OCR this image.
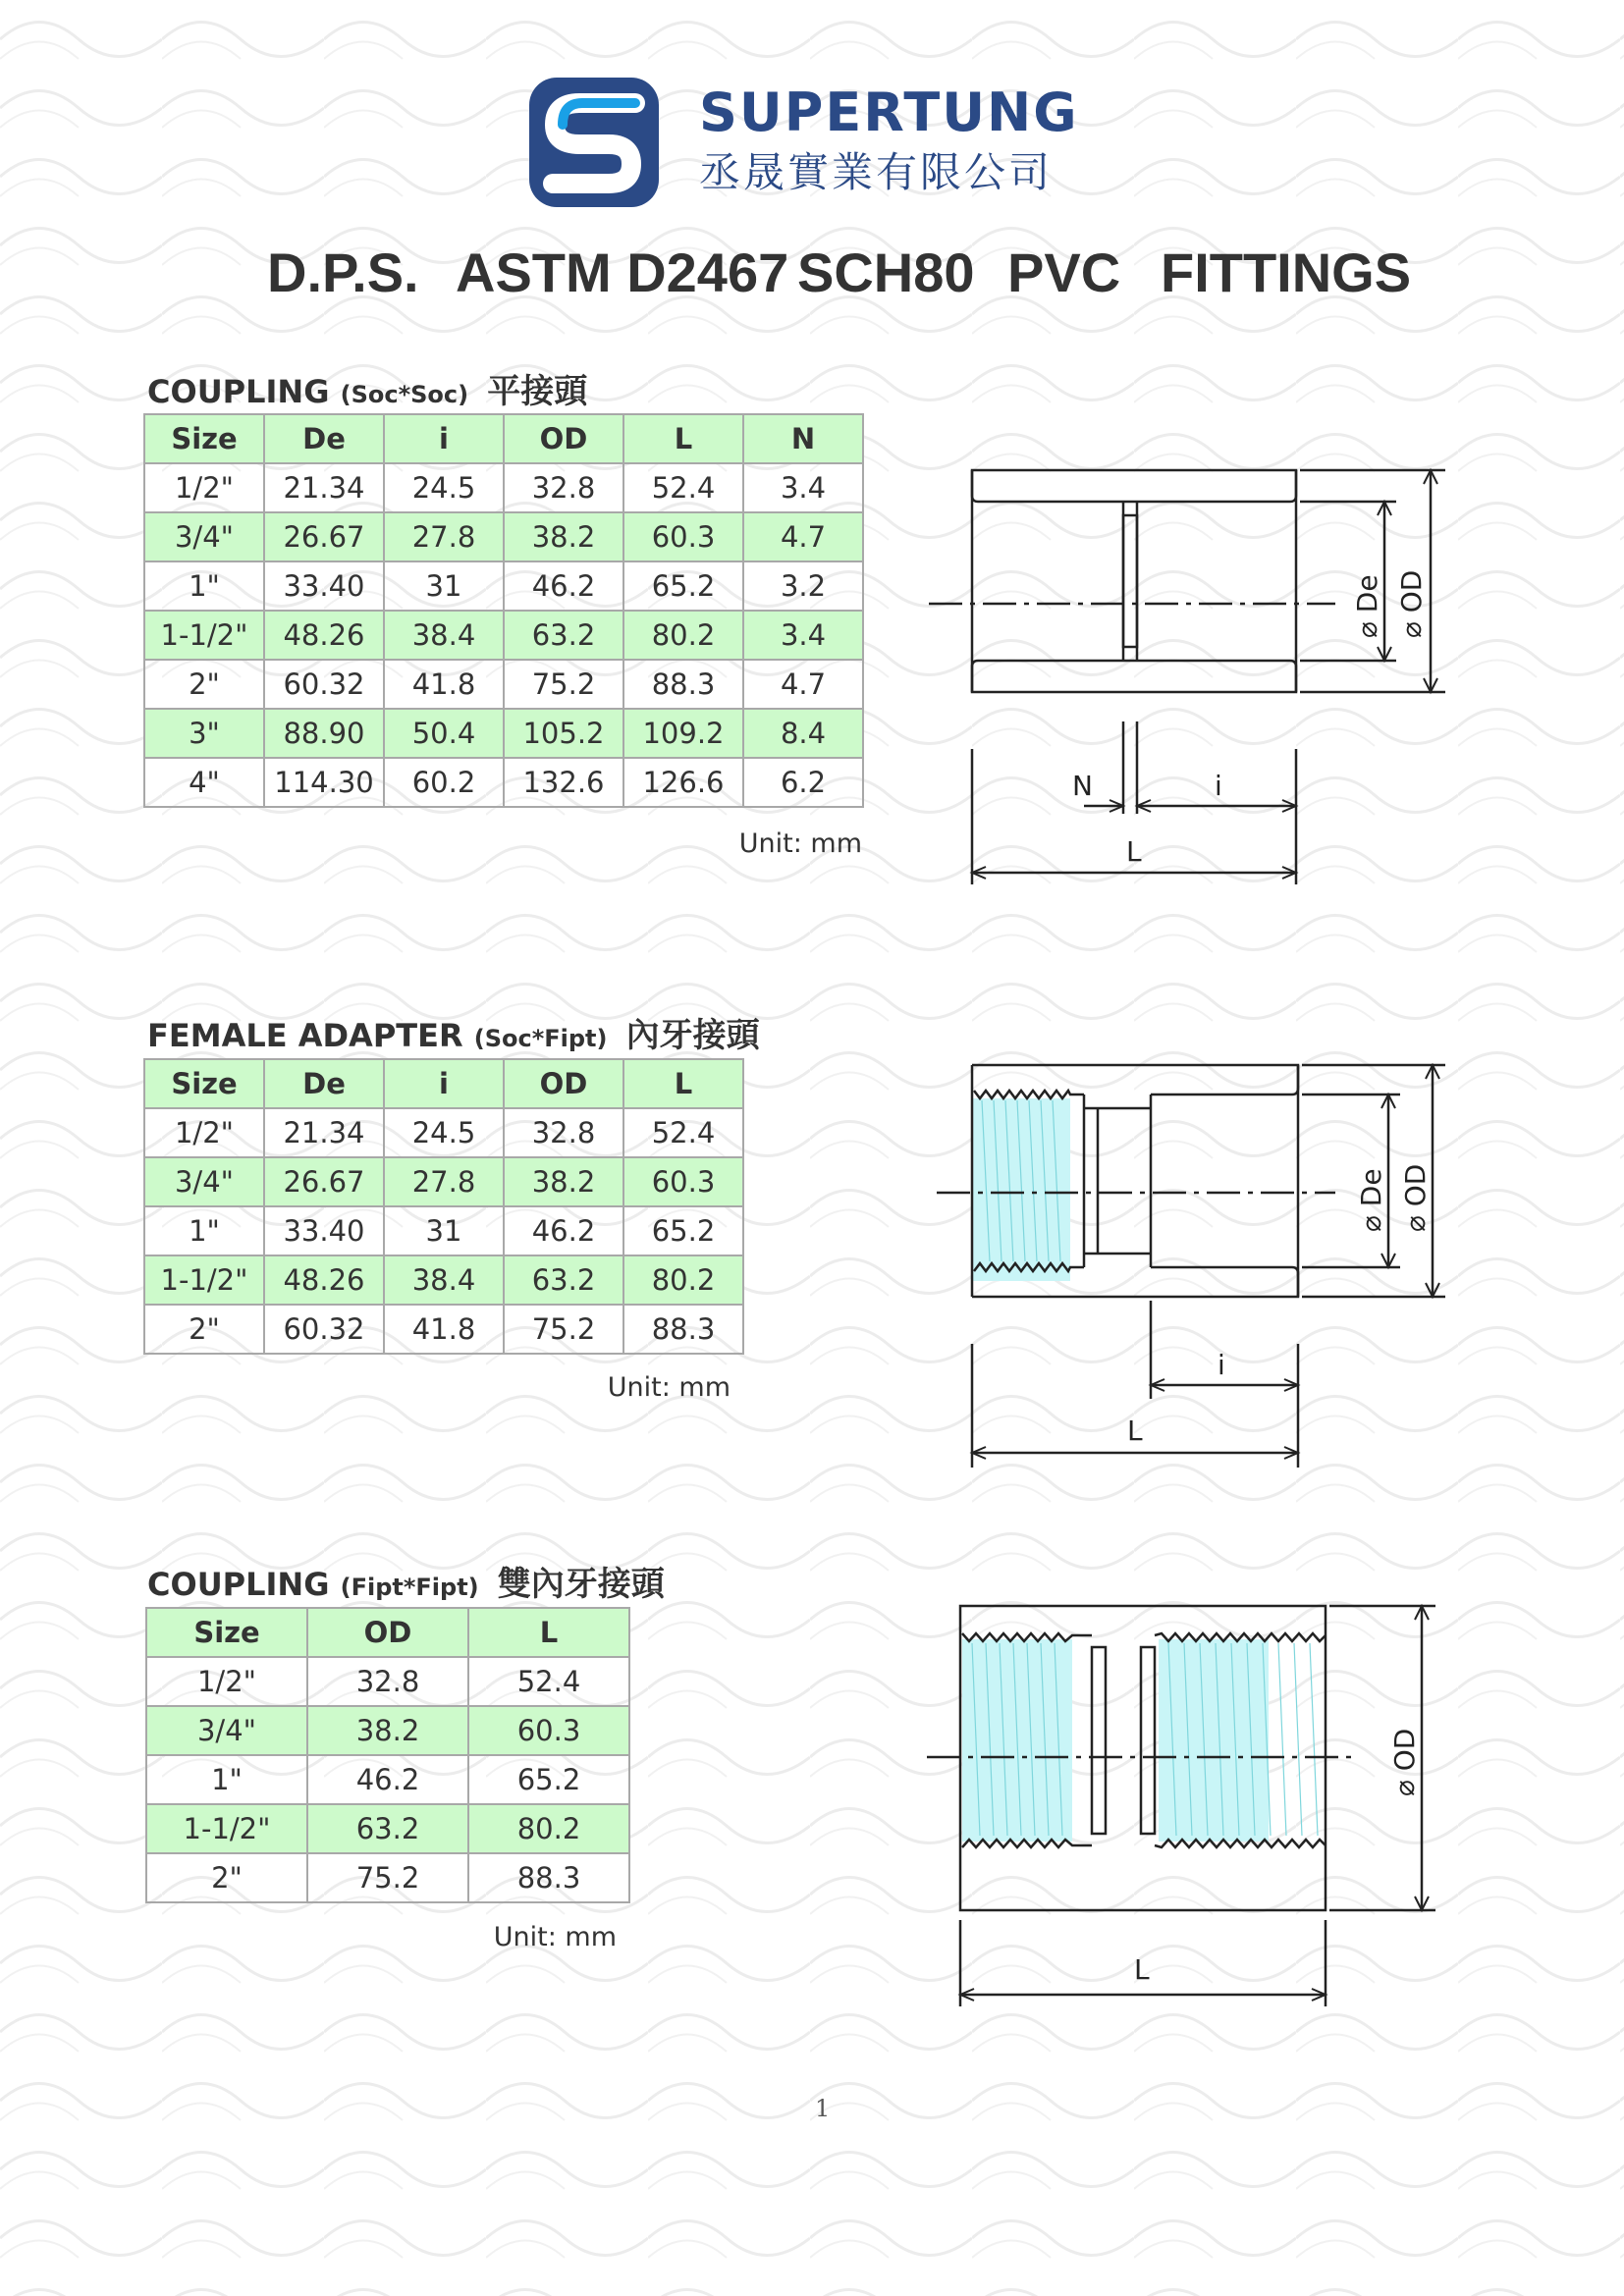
SUPERTUNG
丞晟實業有限公司
D.P.S. ASTM D2467 SCH80 PVC FITTINGS
COUPLING (Soc*Soc) 平接頭
Size	De	i	OD	L	N
1/2"	21.34	24.5	32.8	52.4	3.4
3/4"	26.67	27.8	38.2	60.3	4.7
1"	33.40	31	46.2	65.2	3.2
1-1/2"	48.26	38.4	63.2	80.2	3.4
2"	60.32	41.8	75.2	88.3	4.7
3"	88.90	50.4	105.2	109.2	8.4
4"	114.30	60.2	132.6	126.6	6.2
Unit: mm
N	i
L
⌀ De ⌀ OD
FEMALE ADAPTER (Soc*Fipt) 內牙接頭
Size	De	i	OD	L
1/2"	21.34	24.5	32.8	52.4
3/4"	26.67	27.8	38.2	60.3
1"	33.40	31	46.2	65.2
1-1/2"	48.26	38.4	63.2	80.2
2"	60.32	41.8	75.2	88.3
Unit: mm
i
L
⌀ De ⌀ OD
COUPLING (Fipt*Fipt) 雙內牙接頭
Size	OD	L
1/2"	32.8	52.4
3/4"	38.2	60.3
1"	46.2	65.2
1-1/2"	63.2	80.2
2"	75.2	88.3
Unit: mm
L
⌀ OD
1
